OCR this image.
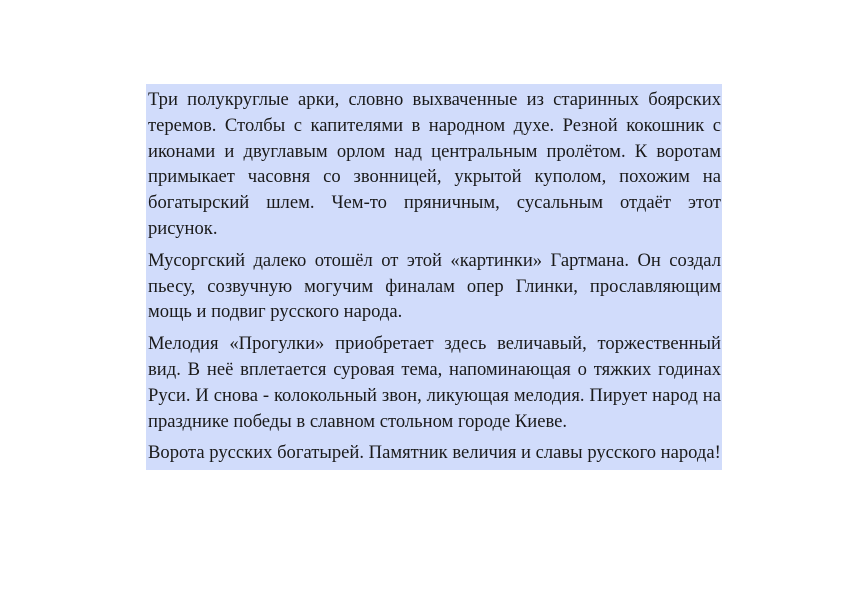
Три полукруглые арки, словно выхваченные из старинных боярских теремов. Столбы с капителями в народном духе. Резной кокошник с иконами и двуглавым орлом над центральным пролётом. К воротам примыкает часовня со звонницей, укрытой куполом, похожим на богатырский шлем. Чем-то пряничным, сусальным отдаёт этот рисунок.

Мусоргский далеко отошёл от этой «картинки» Гартмана. Он создал пьесу, созвучную могучим финалам опер Глинки, прославляющим мощь и подвиг русского народа.

Мелодия «Прогулки» приобретает здесь величавый, торжественный вид. В неё вплетается суровая тема, напоминающая о тяжких годинах Руси. И снова - колокольный звон, ликующая мелодия. Пирует народ на празднике победы в славном стольном городе Киеве.

Ворота русских богатырей. Памятник величия и славы русского народа!
